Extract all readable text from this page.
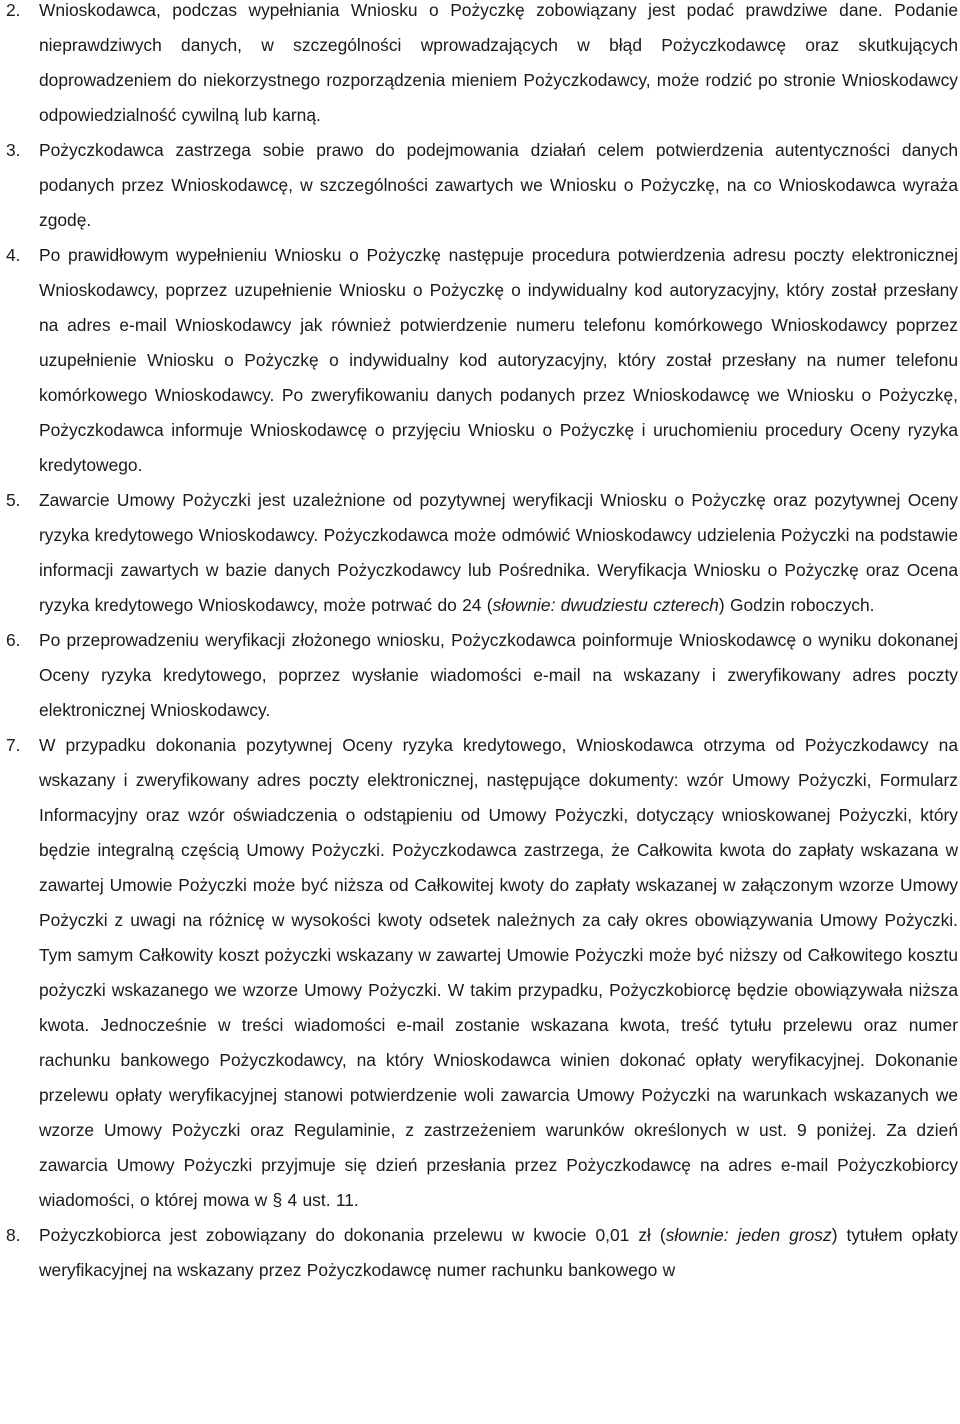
2.	Wnioskodawca, podczas wypełniania Wniosku o Pożyczkę zobowiązany jest podać prawdziwe dane. Podanie nieprawdziwych danych, w szczególności wprowadzających w błąd Pożyczkodawcę oraz skutkujących doprowadzeniem do niekorzystnego rozporządzenia mieniem Pożyczkodawcy, może rodzić po stronie Wnioskodawcy odpowiedzialność cywilną lub karną.
3.	Pożyczkodawca zastrzega sobie prawo do podejmowania działań celem potwierdzenia autentyczności danych podanych przez Wnioskodawcę, w szczególności zawartych we Wniosku o Pożyczkę, na co Wnioskodawca wyraża zgodę.
4.	Po prawidłowym wypełnieniu Wniosku o Pożyczkę następuje procedura potwierdzenia adresu poczty elektronicznej Wnioskodawcy, poprzez uzupełnienie Wniosku o Pożyczkę o indywidualny kod autoryzacyjny, który został przesłany na adres e-mail Wnioskodawcy jak również potwierdzenie numeru telefonu komórkowego Wnioskodawcy poprzez uzupełnienie Wniosku o Pożyczkę o indywidualny kod autoryzacyjny, który został przesłany na numer telefonu komórkowego Wnioskodawcy. Po zweryfikowaniu danych podanych przez Wnioskodawcę we Wniosku o Pożyczkę, Pożyczkodawca informuje Wnioskodawcę o przyjęciu Wniosku o Pożyczkę i uruchomieniu procedury Oceny ryzyka kredytowego.
5.	Zawarcie Umowy Pożyczki jest uzależnione od pozytywnej weryfikacji Wniosku o Pożyczkę oraz pozytywnej Oceny ryzyka kredytowego Wnioskodawcy. Pożyczkodawca może odmówić Wnioskodawcy udzielenia Pożyczki na podstawie informacji zawartych w bazie danych Pożyczkodawcy lub Pośrednika. Weryfikacja Wniosku o Pożyczkę oraz Ocena ryzyka kredytowego Wnioskodawcy, może potrwać do 24 (słownie: dwudziestu czterech) Godzin roboczych.
6.	Po przeprowadzeniu weryfikacji złożonego wniosku, Pożyczkodawca poinformuje Wnioskodawcę o wyniku dokonanej Oceny ryzyka kredytowego, poprzez wysłanie wiadomości e-mail na wskazany i zweryfikowany adres poczty elektronicznej Wnioskodawcy.
7.	W przypadku dokonania pozytywnej Oceny ryzyka kredytowego, Wnioskodawca otrzyma od Pożyczkodawcy na wskazany i zweryfikowany adres poczty elektronicznej, następujące dokumenty: wzór Umowy Pożyczki, Formularz Informacyjny oraz wzór oświadczenia o odstąpieniu od Umowy Pożyczki, dotyczący wnioskowanej Pożyczki, który będzie integralną częścią Umowy Pożyczki. Pożyczkodawca zastrzega, że Całkowita kwota do zapłaty wskazana w zawartej Umowie Pożyczki może być niższa od Całkowitej kwoty do zapłaty wskazanej w załączonym wzorze Umowy Pożyczki z uwagi na różnicę w wysokości kwoty odsetek należnych za cały okres obowiązywania Umowy Pożyczki. Tym samym Całkowity koszt pożyczki wskazany w zawartej Umowie Pożyczki może być niższy od Całkowitego kosztu pożyczki wskazanego we wzorze Umowy Pożyczki. W takim przypadku, Pożyczkobiorcę będzie obowiązywała niższa kwota. Jednocześnie w treści wiadomości e-mail zostanie wskazana kwota, treść tytułu przelewu oraz numer rachunku bankowego Pożyczkodawcy, na który Wnioskodawca winien dokonać opłaty weryfikacyjnej. Dokonanie przelewu opłaty weryfikacyjnej stanowi potwierdzenie woli zawarcia Umowy Pożyczki na warunkach wskazanych we wzorze Umowy Pożyczki oraz Regulaminie, z zastrzeżeniem warunków określonych w ust. 9 poniżej. Za dzień zawarcia Umowy Pożyczki przyjmuje się dzień przesłania przez Pożyczkodawcę na adres e-mail Pożyczkobiorcy wiadomości, o której mowa w § 4 ust. 11.
8.	Pożyczkobiorca jest zobowiązany do dokonania przelewu w kwocie 0,01 zł (słownie: jeden grosz) tytułem opłaty weryfikacyjnej na wskazany przez Pożyczkodawcę numer rachunku bankowego w
